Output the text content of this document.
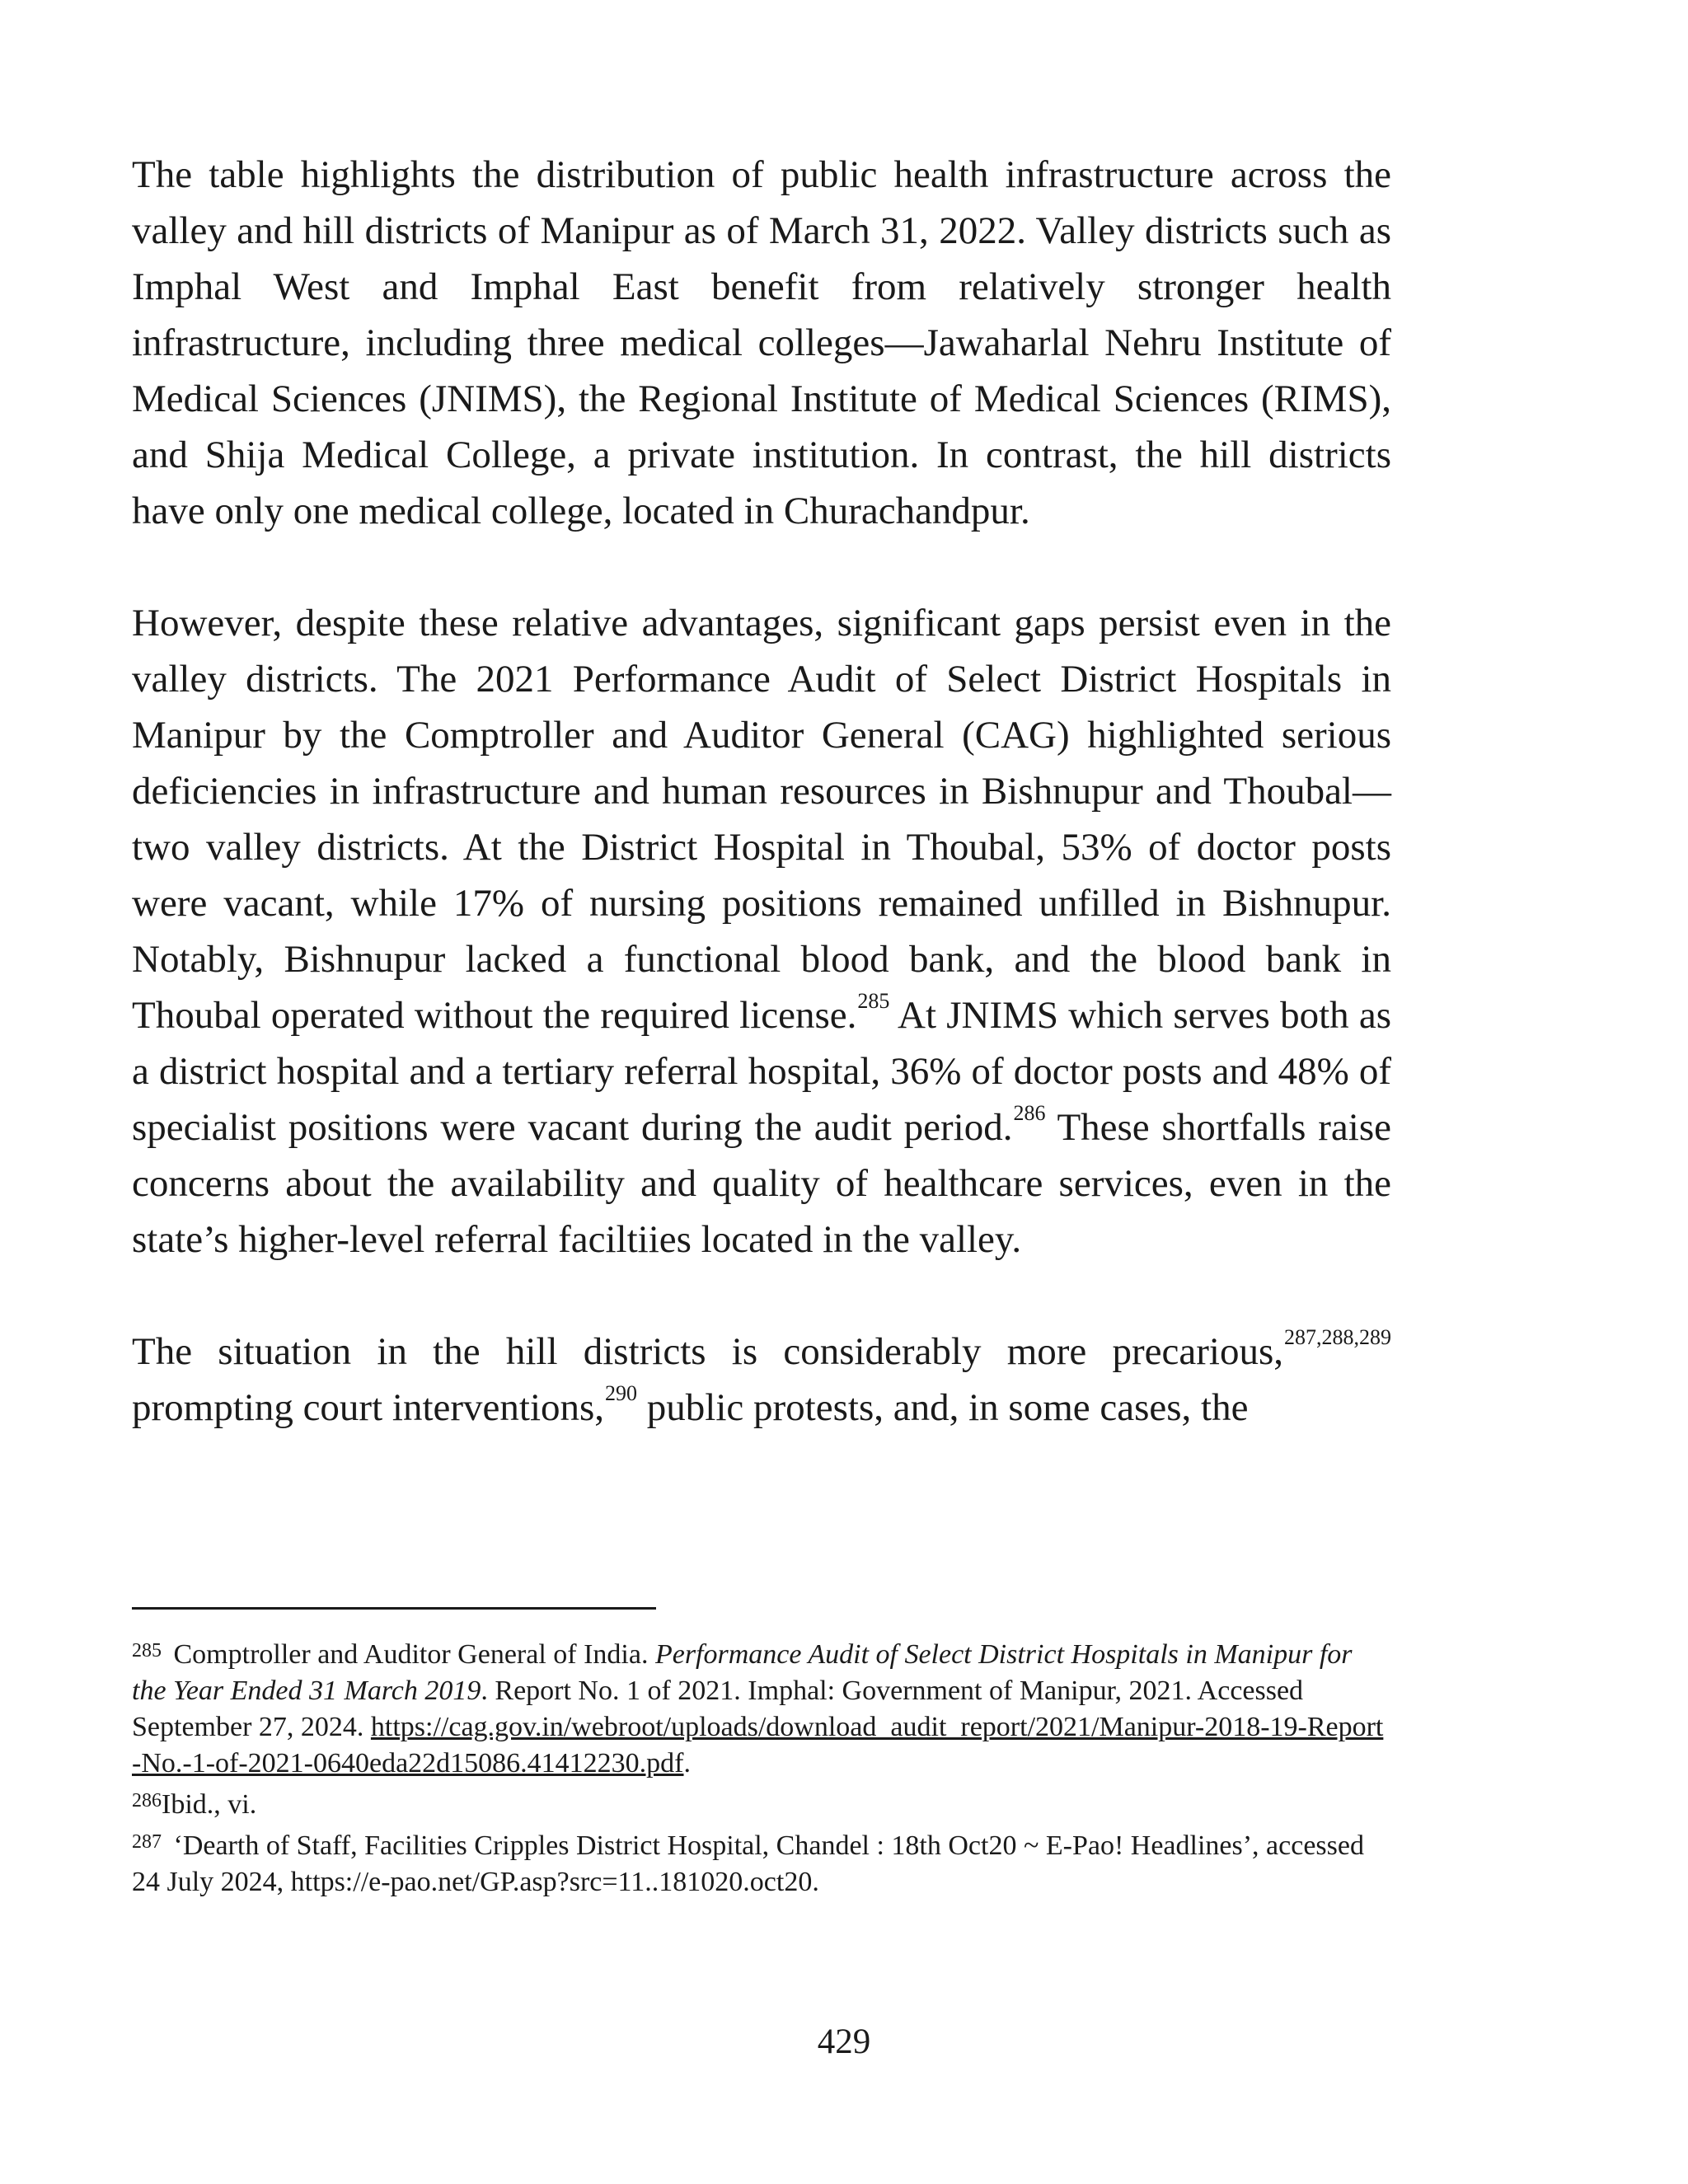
The table highlights the distribution of public health infrastructure across the valley and hill districts of Manipur as of March 31, 2022. Valley districts such as Imphal West and Imphal East benefit from relatively stronger health infrastructure, including three medical colleges—Jawaharlal Nehru Institute of Medical Sciences (JNIMS), the Regional Institute of Medical Sciences (RIMS), and Shija Medical College, a private institution. In contrast, the hill districts have only one medical college, located in Churachandpur.

However, despite these relative advantages, significant gaps persist even in the valley districts. The 2021 Performance Audit of Select District Hospitals in Manipur by the Comptroller and Auditor General (CAG) highlighted serious deficiencies in infrastructure and human resources in Bishnupur and Thoubal—two valley districts. At the District Hospital in Thoubal, 53% of doctor posts were vacant, while 17% of nursing positions remained unfilled in Bishnupur. Notably, Bishnupur lacked a functional blood bank, and the blood bank in Thoubal operated without the required license.$^{285}$ At JNIMS which serves both as a district hospital and a tertiary referral hospital, 36% of doctor posts and 48% of specialist positions were vacant during the audit period.$^{286}$ These shortfalls raise concerns about the availability and quality of healthcare services, even in the state’s higher-level referral faciltiies located in the valley.

The situation in the hill districts is considerably more precarious,$^{287,288,289}$ prompting court interventions,$^{290}$ public protests, and, in some cases, the

$^{285}$ Comptroller and Auditor General of India. Performance Audit of Select District Hospitals in Manipur for the Year Ended 31 March 2019. Report No. 1 of 2021. Imphal: Government of Manipur, 2021. Accessed September 27, 2024. https://cag.gov.in/webroot/uploads/download_audit_report/2021/Manipur-2018-19-Report-No.-1-of-2021-0640eda22d15086.41412230.pdf.

$^{286}$Ibid., vi.

$^{287}$ ‘Dearth of Staff, Facilities Cripples District Hospital, Chandel : 18th Oct20 ~ E-Pao! Headlines’, accessed 24 July 2024, https://e-pao.net/GP.asp?src=11..181020.oct20.

429
